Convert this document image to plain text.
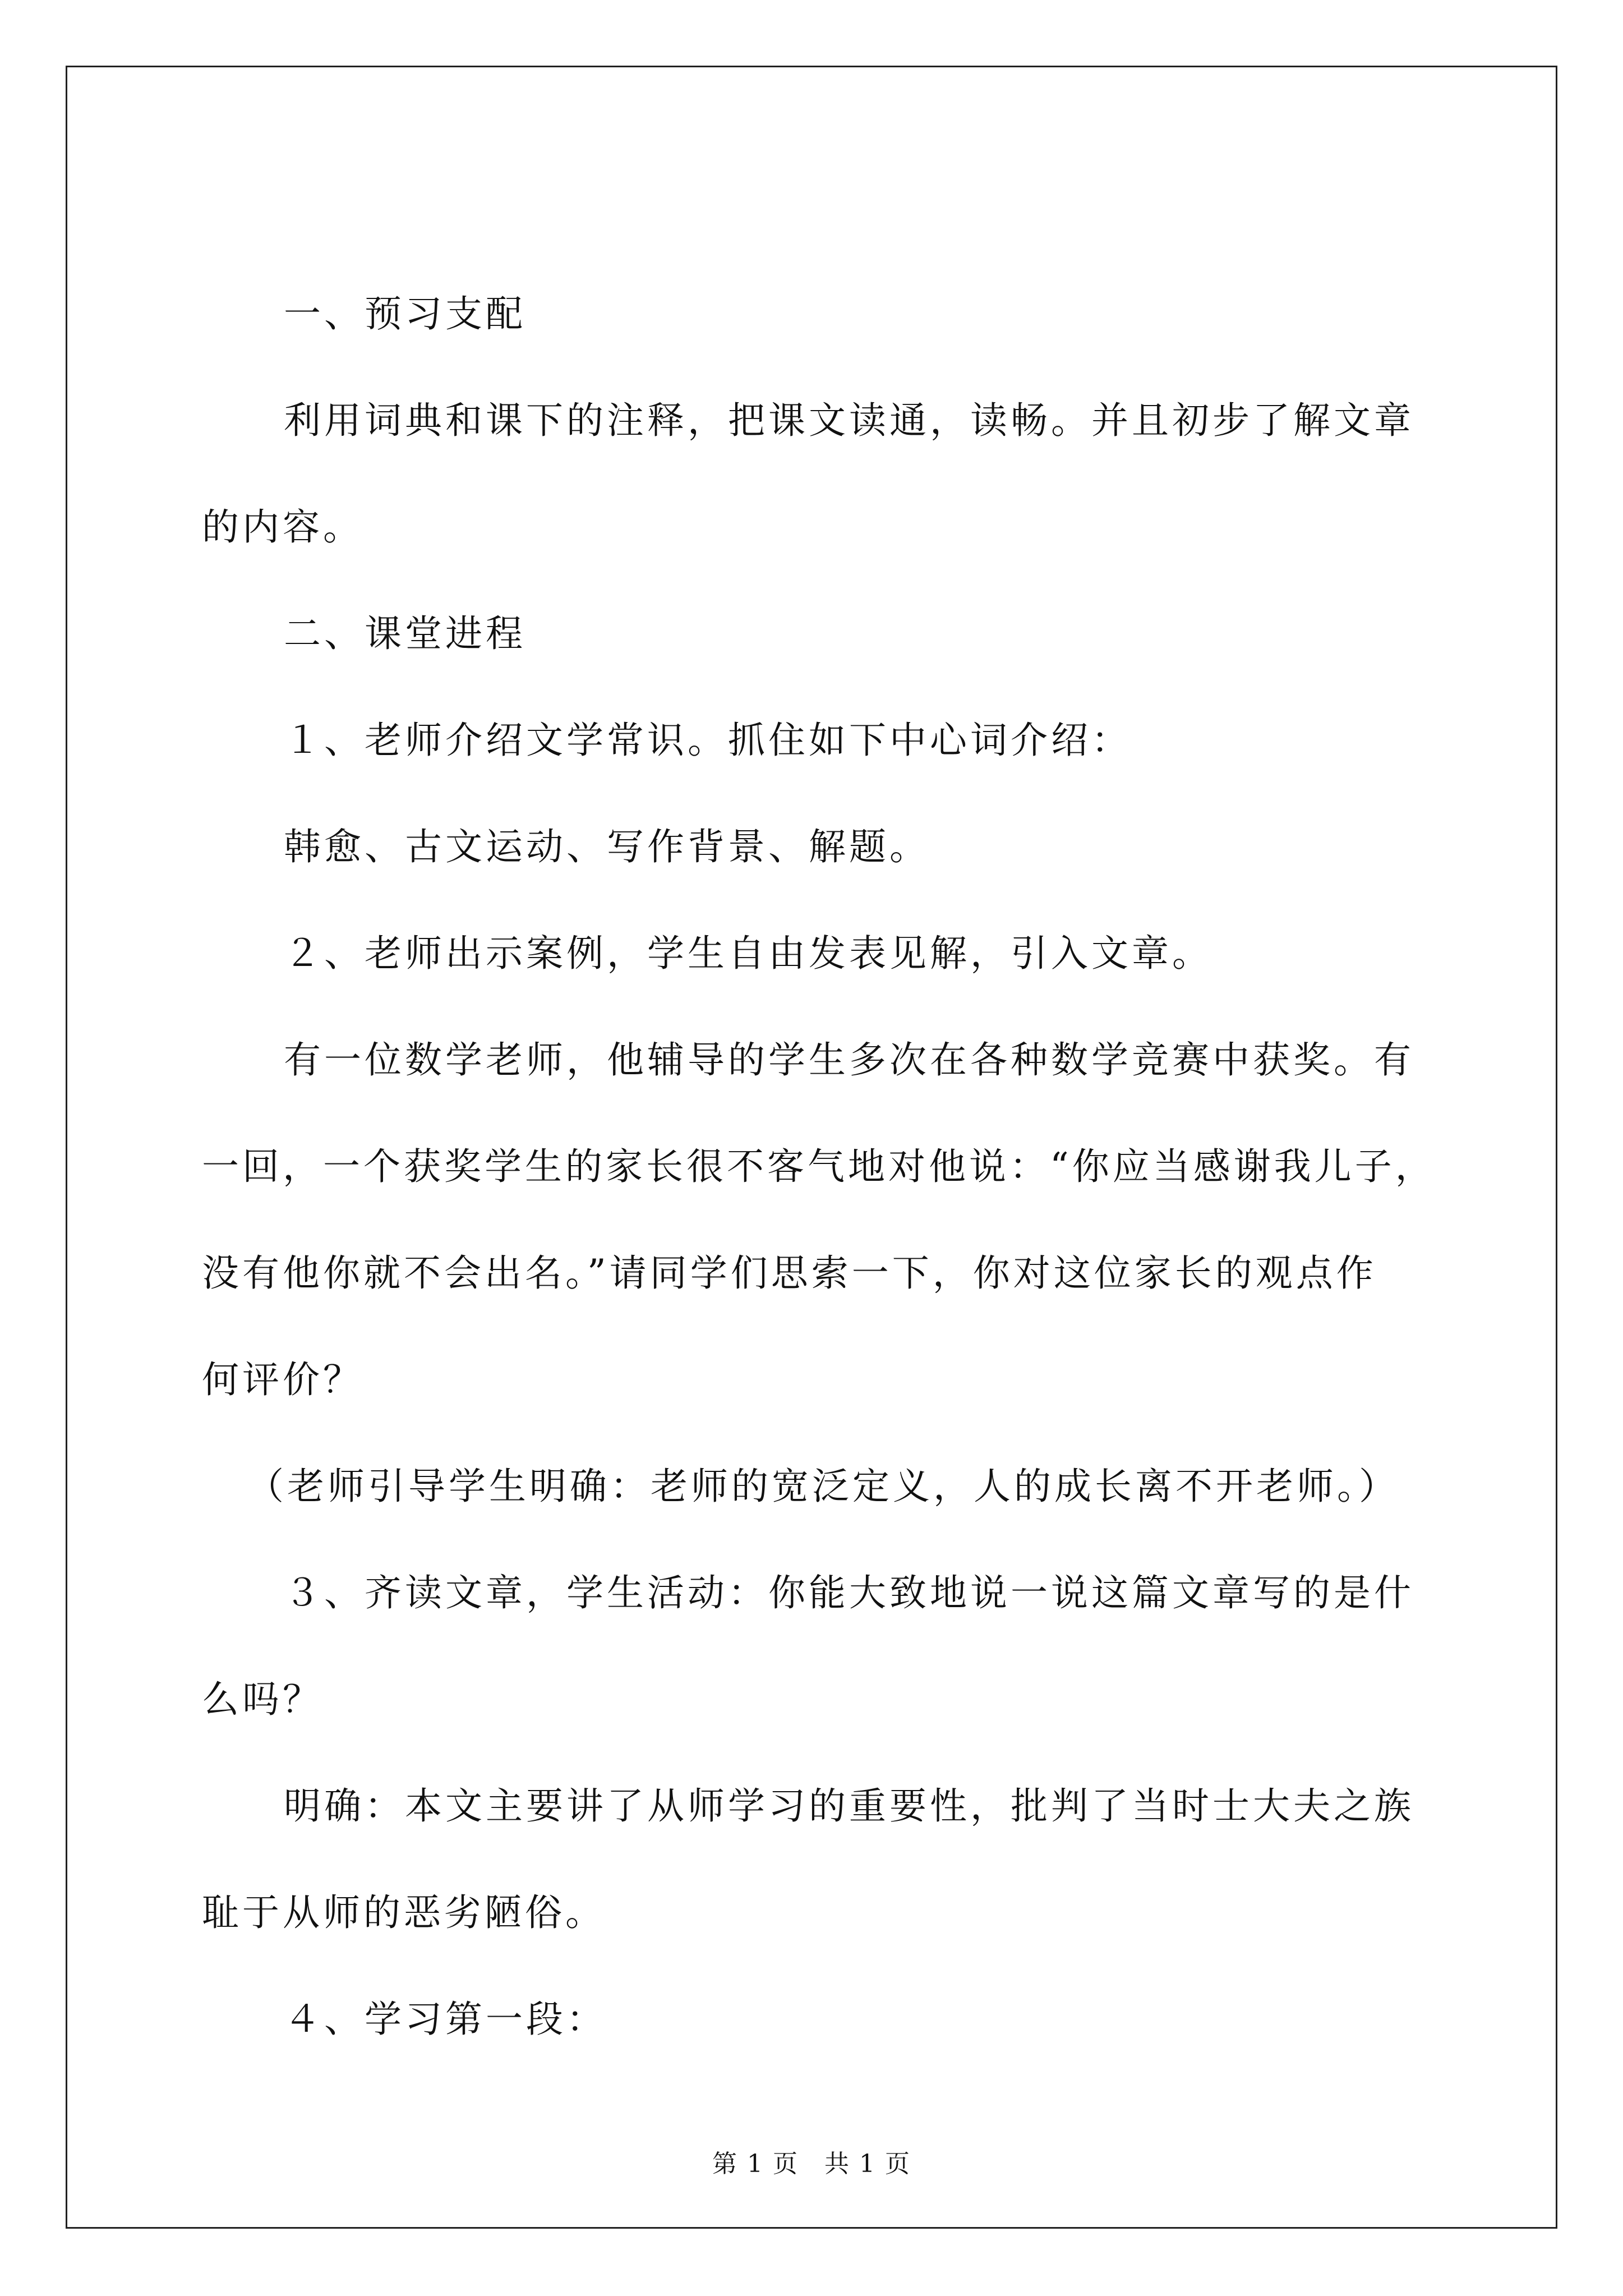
一、预习支配
利用词典和课下的注释，把课文读通，读畅。并且初步了解文章
的内容。
二、课堂进程
１、老师介绍文学常识。抓住如下中心词介绍：
韩愈、古文运动、写作背景、解题。
２、老师出示案例，学生自由发表见解，引入文章。
有一位数学老师，他辅导的学生多次在各种数学竞赛中获奖。有
一回，一个获奖学生的家长很不客气地对他说：“你应当感谢我儿子，
没有他你就不会出名。”请同学们思索一下，你对这位家长的观点作
何评价？
（老师引导学生明确：老师的宽泛定义，人的成长离不开老师。）
３、齐读文章，学生活动：你能大致地说一说这篇文章写的是什
么吗？
明确：本文主要讲了从师学习的重要性，批判了当时士大夫之族
耻于从师的恶劣陋俗。
４、学习第一段：
第 1 页　共 1 页
